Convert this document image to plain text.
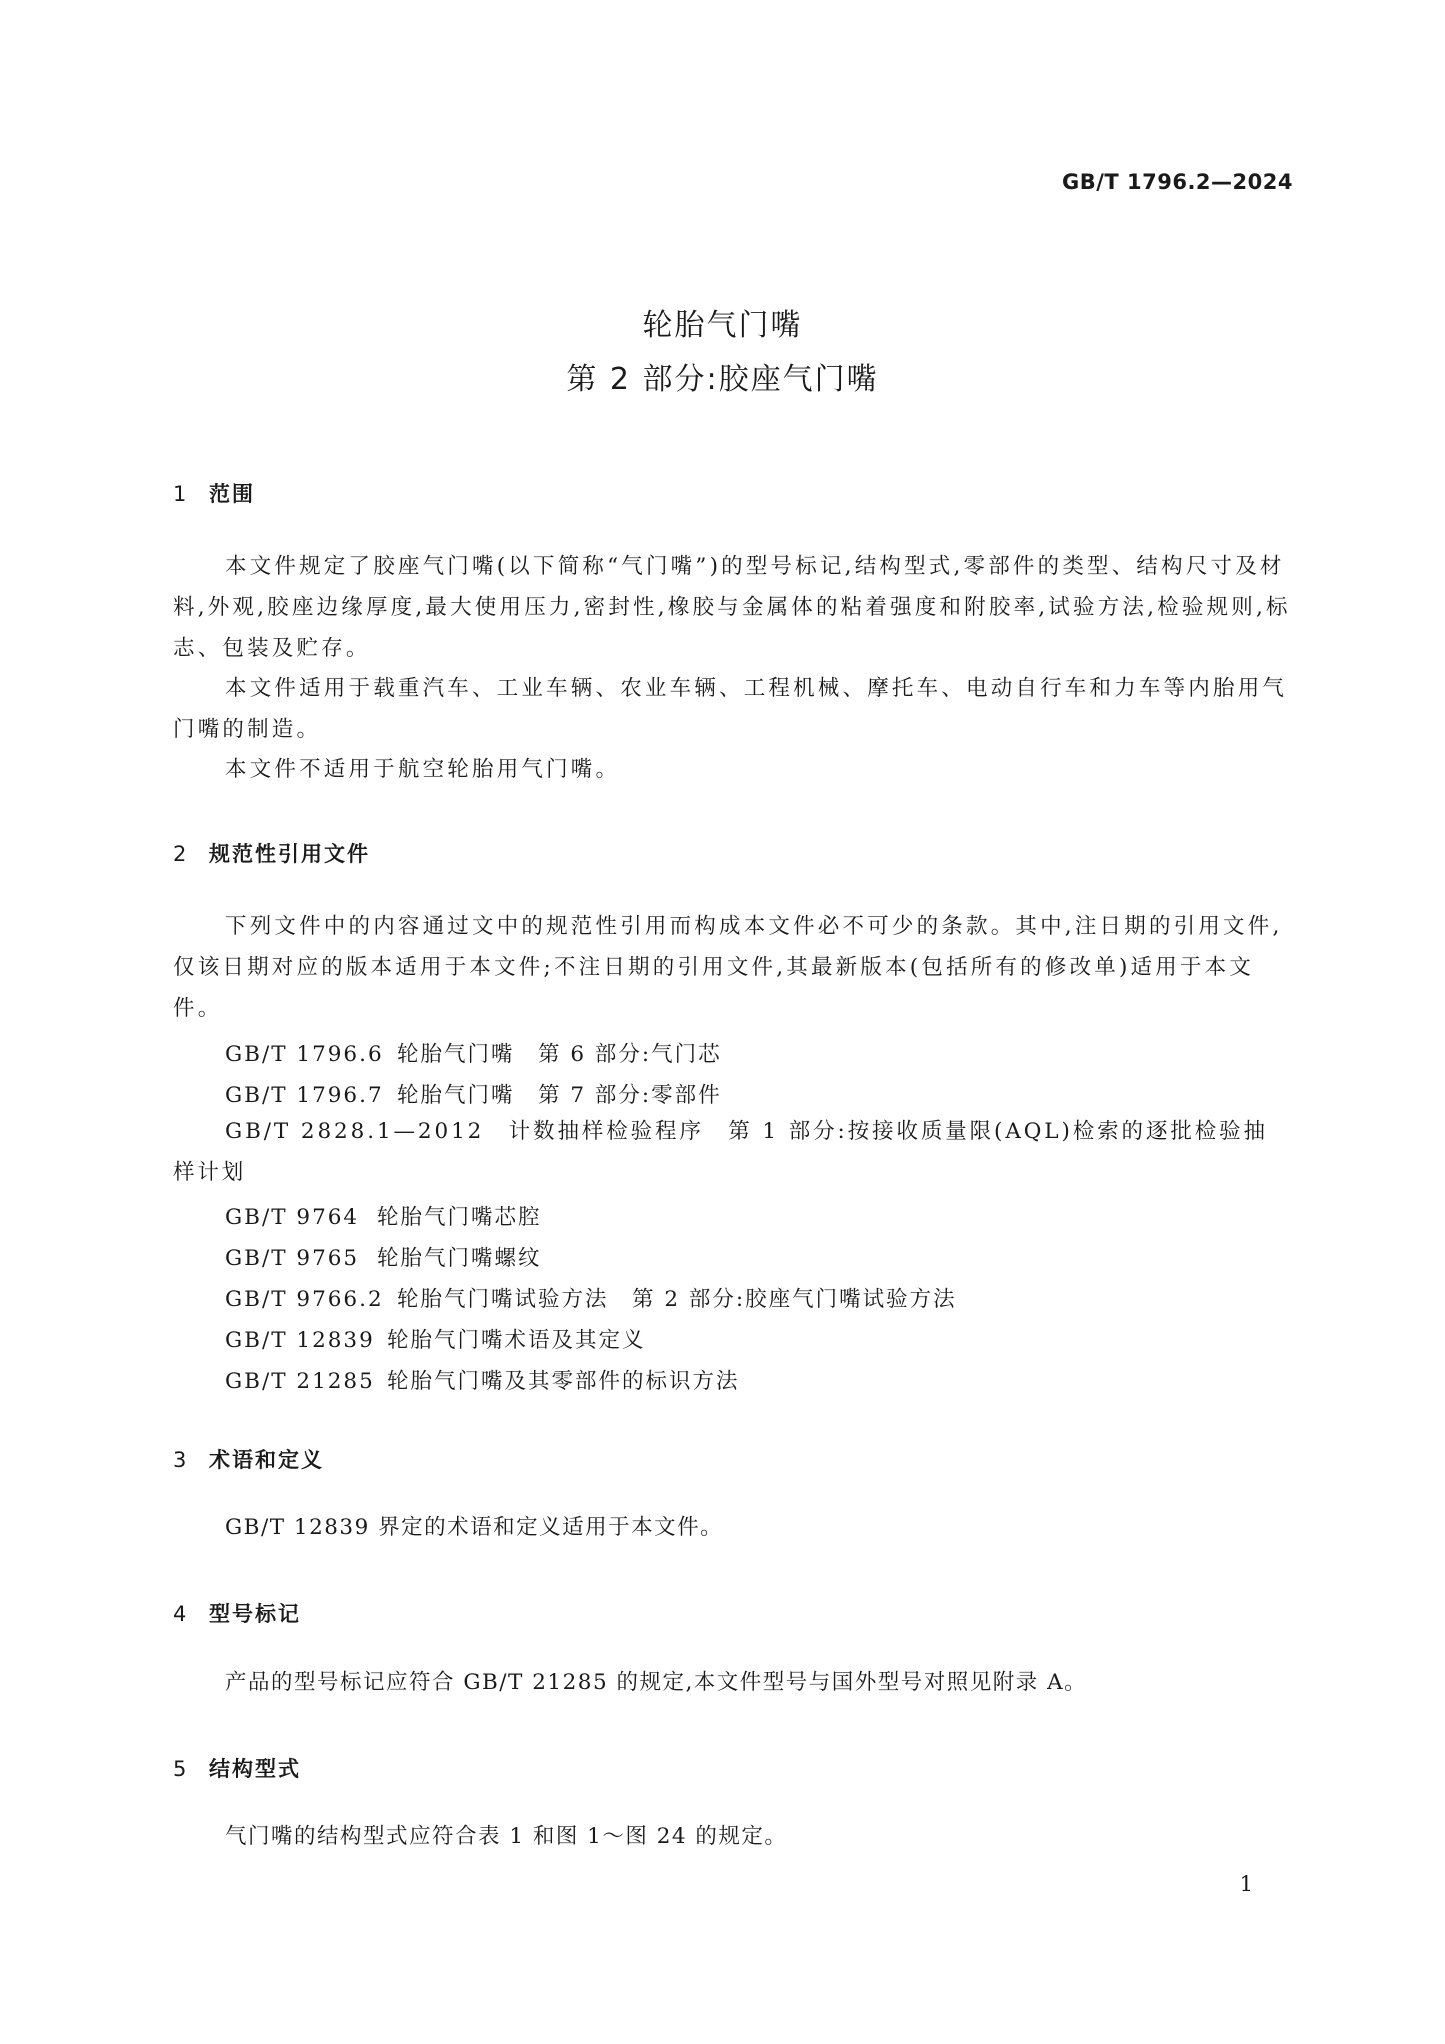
GB/T 1796.2—2024
轮胎气门嘴
第 2 部分:胶座气门嘴
1 范围

本文件规定了胶座气门嘴(以下简称“气门嘴”)的型号标记,结构型式,零部件的类型、结构尺寸及材料,外观,胶座边缘厚度,最大使用压力,密封性,橡胶与金属体的粘着强度和附胶率,试验方法,检验规则,标志、包装及贮存。

本文件适用于载重汽车、工业车辆、农业车辆、工程机械、摩托车、电动自行车和力车等内胎用气门嘴的制造。

本文件不适用于航空轮胎用气门嘴。

2 规范性引用文件

下列文件中的内容通过文中的规范性引用而构成本文件必不可少的条款。其中,注日期的引用文件,仅该日期对应的版本适用于本文件;不注日期的引用文件,其最新版本(包括所有的修改单)适用于本文件。

GB/T 1796.6 轮胎气门嘴　第 6 部分:气门芯
GB/T 1796.7 轮胎气门嘴　第 7 部分:零部件

GB/T 2828.1—2012　 计数抽样检验程序　第 1 部分:按接收质量限(AQL)检索的逐批检验抽样计划

GB/T 9764 轮胎气门嘴芯腔
GB/T 9765 轮胎气门嘴螺纹
GB/T 9766.2 轮胎气门嘴试验方法　第 2 部分:胶座气门嘴试验方法
GB/T 12839 轮胎气门嘴术语及其定义
GB/T 21285 轮胎气门嘴及其零部件的标识方法
3 术语和定义

GB/T 12839 界定的术语和定义适用于本文件。

4 型号标记

产品的型号标记应符合 GB/T 21285 的规定,本文件型号与国外型号对照见附录 A。

5 结构型式

气门嘴的结构型式应符合表 1 和图 1～图 24 的规定。

1
